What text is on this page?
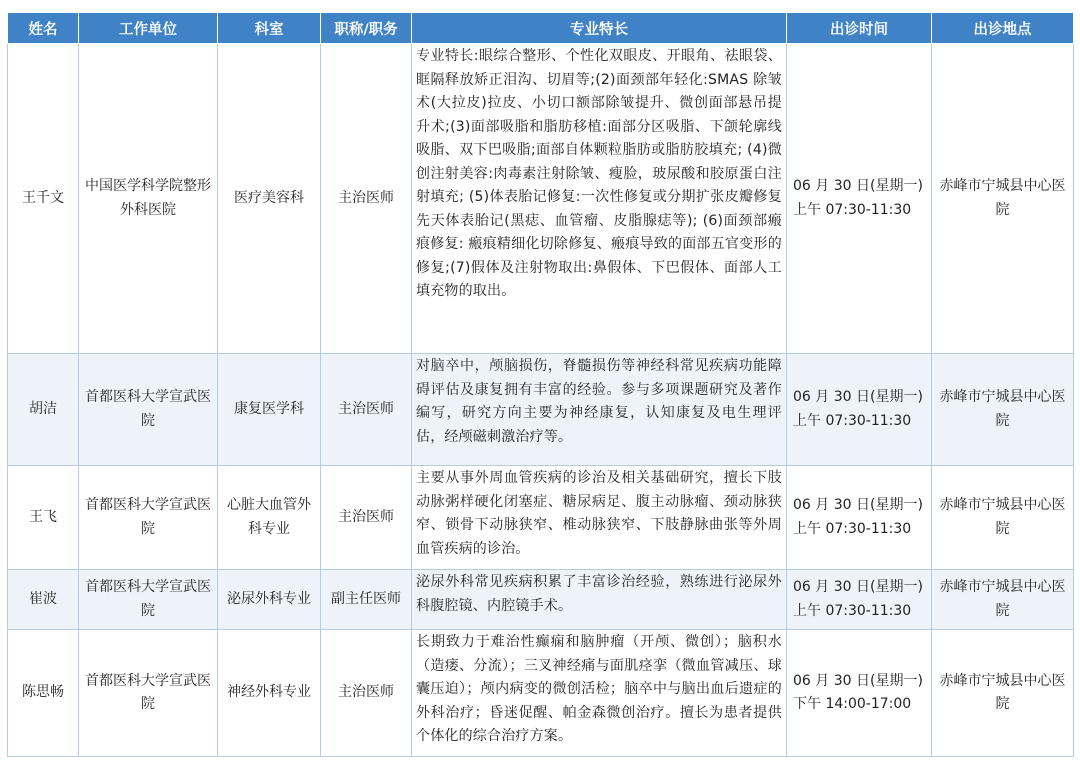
姓名	工作单位	科室	职称/职务	专业特长	出诊时间	出诊地点
王千文	中国医学科学院整形外科医院	医疗美容科	主治医师	专业特长:眼综合整形、个性化双眼皮、开眼角、祛眼袋、眶隔释放矫正泪沟、切眉等;(2)面颈部年轻化:SMAS 除皱术(大拉皮)拉皮、小切口额部除皱提升、微创面部悬吊提升术;(3)面部吸脂和脂肪移植:面部分区吸脂、下颌轮廓线吸脂、双下巴吸脂;面部自体颗粒脂肪或脂肪胶填充; (4)微创注射美容:肉毒素注射除皱、瘦脸，玻尿酸和胶原蛋白注射填充; (5)体表胎记修复:一次性修复或分期扩张皮瓣修复先天体表胎记(黑痣、血管瘤、皮脂腺痣等); (6)面颈部瘢痕修复: 瘢痕精细化切除修复、瘢痕导致的面部五官变形的修复;(7)假体及注射物取出:鼻假体、下巴假体、面部人工填充物的取出。	06 月 30 日(星期一)上午 07:30-11:30	赤峰市宁城县中心医院
胡洁	首都医科大学宣武医院	康复医学科	主治医师	对脑卒中，颅脑损伤，脊髓损伤等神经科常见疾病功能障碍评估及康复拥有丰富的经验。参与多项课题研究及著作编写，研究方向主要为神经康复，认知康复及电生理评估，经颅磁刺激治疗等。	06 月 30 日(星期一)上午 07:30-11:30	赤峰市宁城县中心医院
王飞	首都医科大学宣武医院	心脏大血管外科专业	主治医师	主要从事外周血管疾病的诊治及相关基础研究，擅长下肢动脉粥样硬化闭塞症、糖尿病足、腹主动脉瘤、颈动脉狭窄、锁骨下动脉狭窄、椎动脉狭窄、下肢静脉曲张等外周血管疾病的诊治。	06 月 30 日(星期一)上午 07:30-11:30	赤峰市宁城县中心医院
崔波	首都医科大学宣武医院	泌尿外科专业	副主任医师	泌尿外科常见疾病积累了丰富诊治经验，熟练进行泌尿外科腹腔镜、内腔镜手术。	06 月 30 日(星期一)上午 07:30-11:30	赤峰市宁城县中心医院
陈思畅	首都医科大学宣武医院	神经外科专业	主治医师	长期致力于难治性癫痫和脑肿瘤（开颅、微创）；脑积水（造瘘、分流）；三叉神经痛与面肌痉挛（微血管减压、球囊压迫）；颅内病变的微创活检；脑卒中与脑出血后遗症的外科治疗；昏迷促醒、帕金森微创治疗。擅长为患者提供个体化的综合治疗方案。	06 月 30 日(星期一)下午 14:00-17:00	赤峰市宁城县中心医院
